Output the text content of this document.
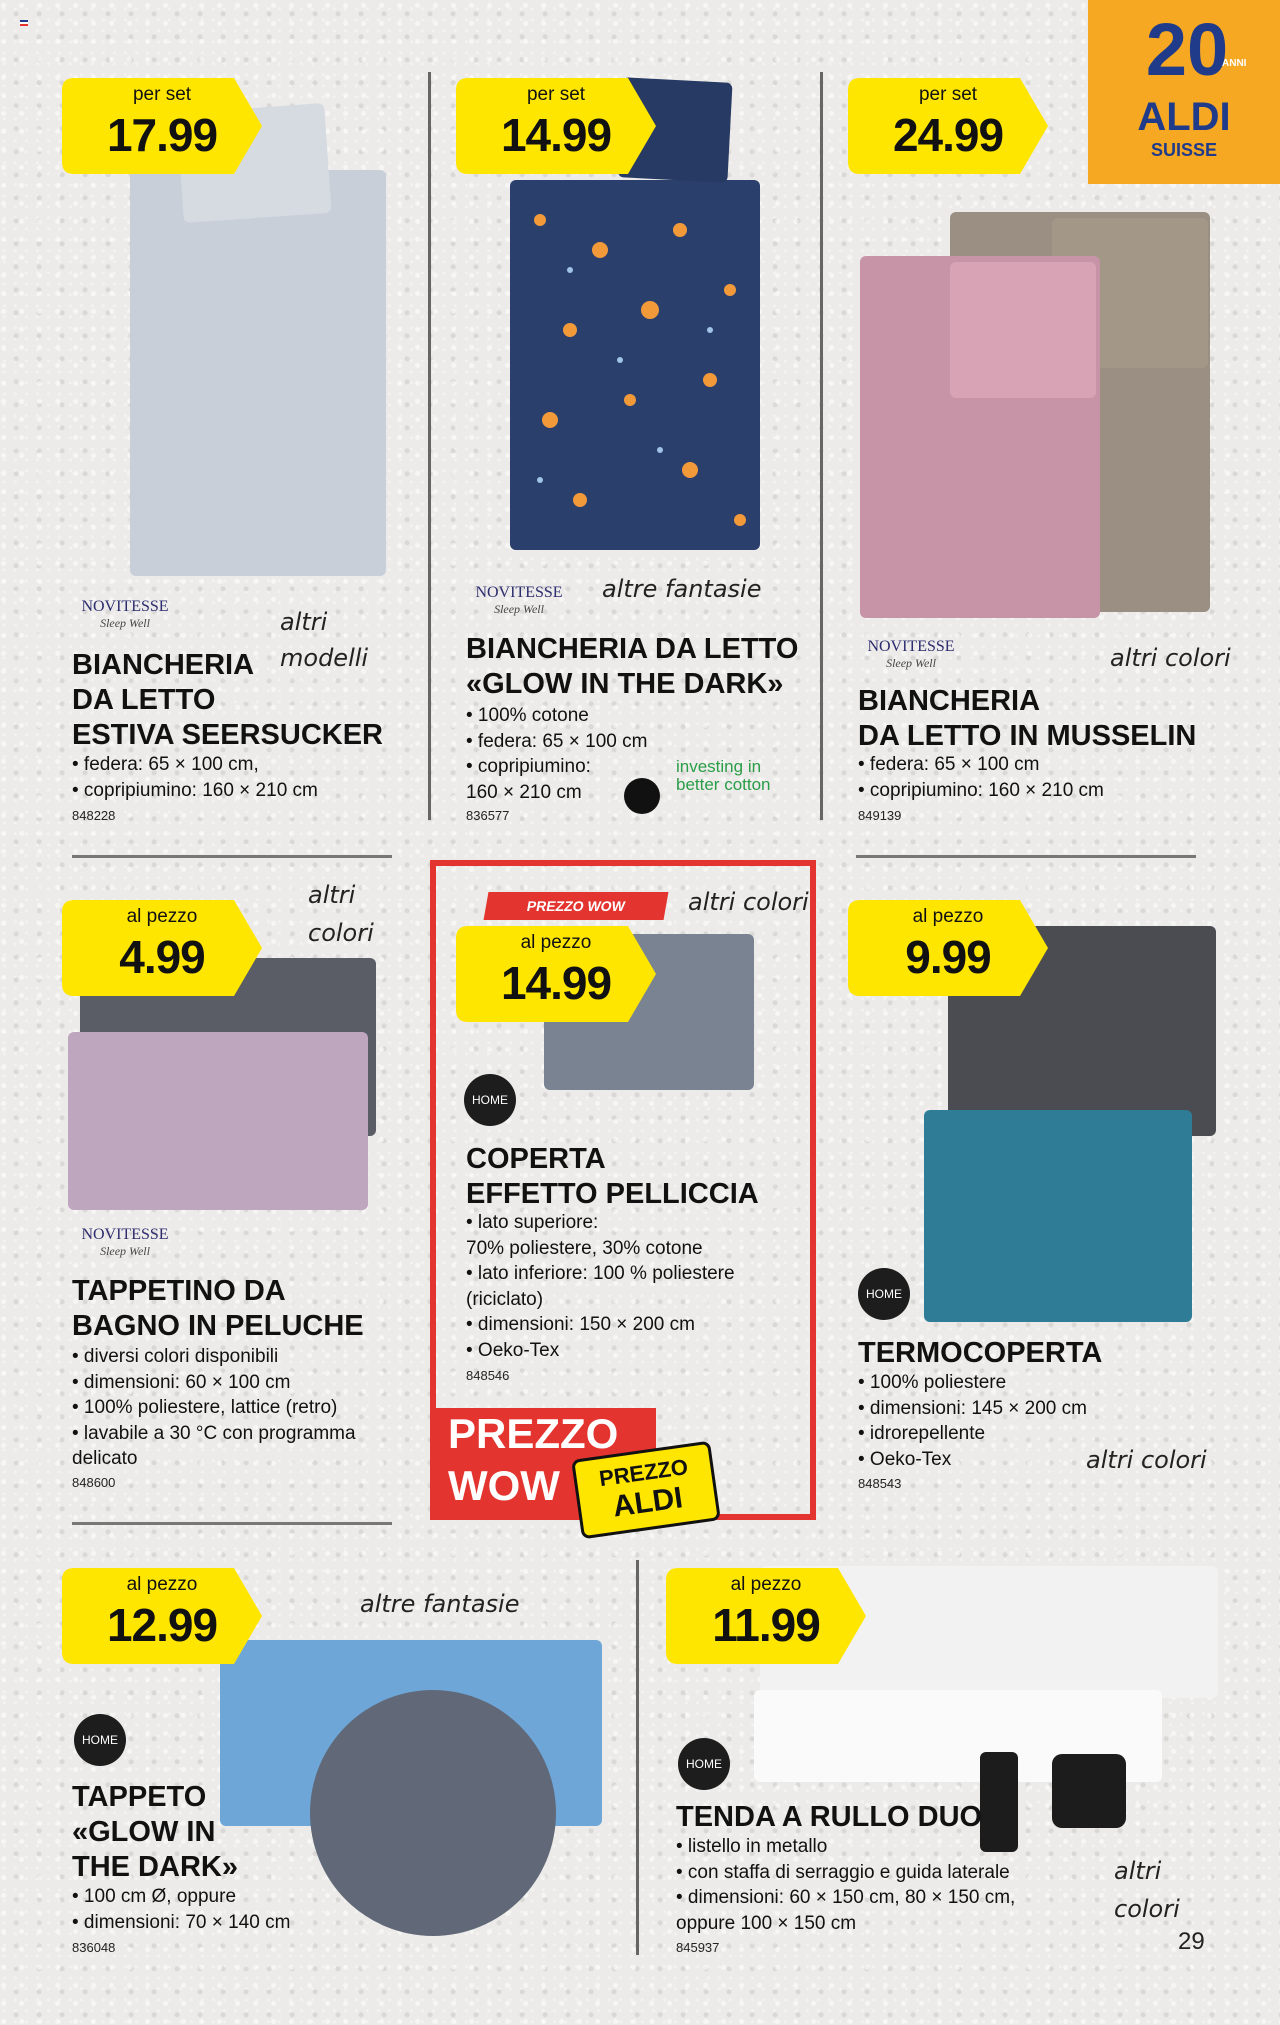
20
ANNI
ALDI
SUISSE
per set
17.99
NOVITESSE
Sleep Well	altri modelli
BIANCHERIA
DA LETTO
ESTIVA SEERSUCKER
• federa: 65 × 100 cm,
• copripiumino: 160 × 210 cm
848228
per set
14.99
NOVITESSE
Sleep Well
altre fantasie
BIANCHERIA DA LETTO
«GLOW IN THE DARK»
• 100% cotone
• federa: 65 × 100 cm
• copripiumino:
160 × 210 cm
836577
investing in better cotton
per set
24.99
NOVITESSE
Sleep Well	altri colori
BIANCHERIA
DA LETTO IN MUSSELIN
• federa: 65 × 100 cm
• copripiumino: 160 × 210 cm
849139
al pezzo
4.99
altri colori
NOVITESSE
Sleep Well
TAPPETINO DA
BAGNO IN PELUCHE
• diversi colori disponibili
• dimensioni: 60 × 100 cm
• 100% poliestere, lattice (retro)
• lavabile a 30 °C con programma
delicato
848600
PREZZO WOW
al pezzo
14.99
altri colori
HOME
COPERTA
EFFETTO PELLICCIA
• lato superiore:
70% poliestere, 30% cotone
• lato inferiore: 100 % poliestere
(riciclato)
• dimensioni: 150 × 200 cm
• Oeko-Tex
848546
PREZZO
WOW	PREZZO
ALDI
al pezzo
9.99
HOME
TERMOCOPERTA
• 100% poliestere
• dimensioni: 145 × 200 cm
• idrorepellente
• Oeko-Tex	altri colori
848543
al pezzo
12.99	altre fantasie
HOME
TAPPETO
«GLOW IN
THE DARK»
• 100 cm Ø, oppure
• dimensioni: 70 × 140 cm
836048
al pezzo
11.99
HOME
TENDA A RULLO DUO
• listello in metallo
• con staffa di serraggio e guida laterale
• dimensioni: 60 × 150 cm, 80 × 150 cm,
oppure 100 × 150 cm
altri colori
845937	29
